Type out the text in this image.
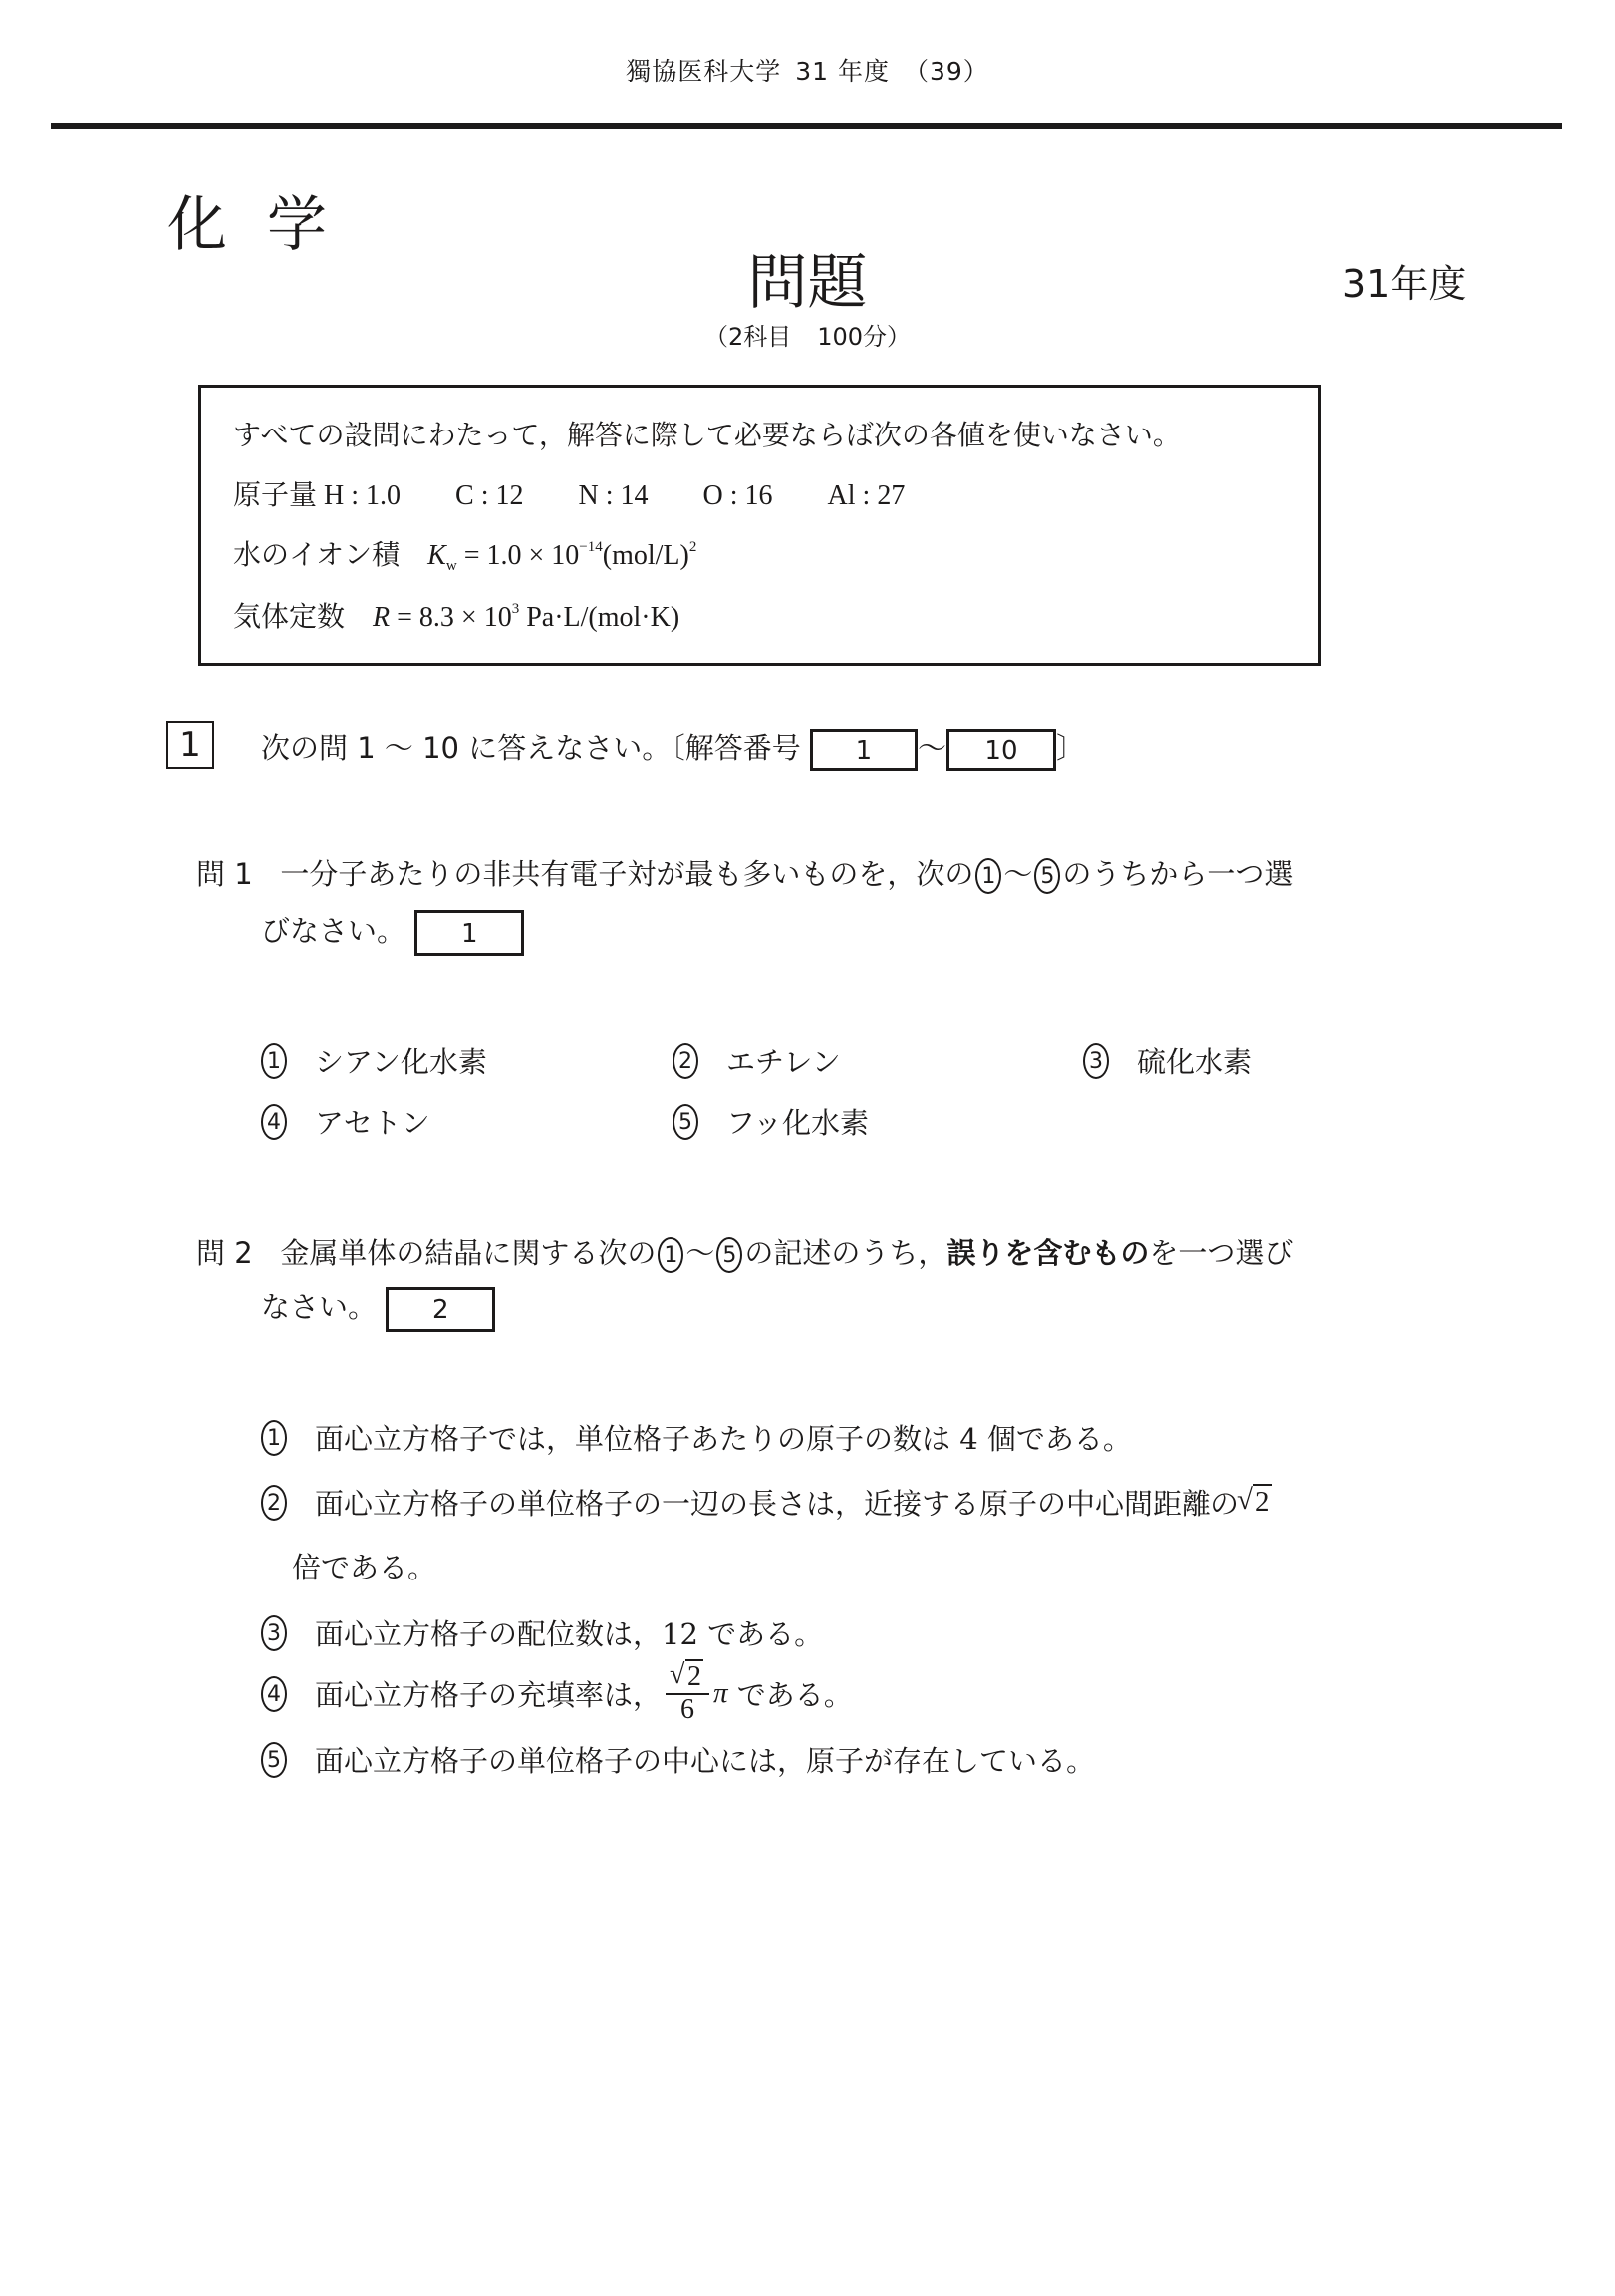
獨協医科大学 31 年度 （39）
化学
問題	31年度
（2科目 100分）
すべての設問にわたって，解答に際して必要ならば次の各値を使いなさい。
原子量 H : 1.0 C : 12 N : 14 O : 16 Al : 27
水のイオン積 $K_w = 1.0 \times 10^{-14}(mol/L)^2$
気体定数 $R = 8.3 \times 10^3$ Pa·L/(mol·K)
1	次の問 1 ～ 10 に答えなさい。〔解答番号 1 ～ 10 〕
問 1 一分子あたりの非共有電子対が最も多いものを，次の 1 ～ 5 のうちから一つ選
びなさい。 1
1 シアン化水素	2 エチレン	3 硫化水素
4 アセトン	5 フッ化水素
問 2 金属単体の結晶に関する次の 1 ～ 5 の記述のうち，誤りを含むものを一つ選び
なさい。 2
1 面心立方格子では，単位格子あたりの原子の数は 4 個である。
2 面心立方格子の単位格子の一辺の長さは，近接する原子の中心間距離の √ 2
倍である。
3 面心立方格子の配位数は，12 である。
4 面心立方格子の充填率は， √ $\frac{2}{6}$ π
である。
5 面心立方格子の単位格子の中心には，原子が存在している。
